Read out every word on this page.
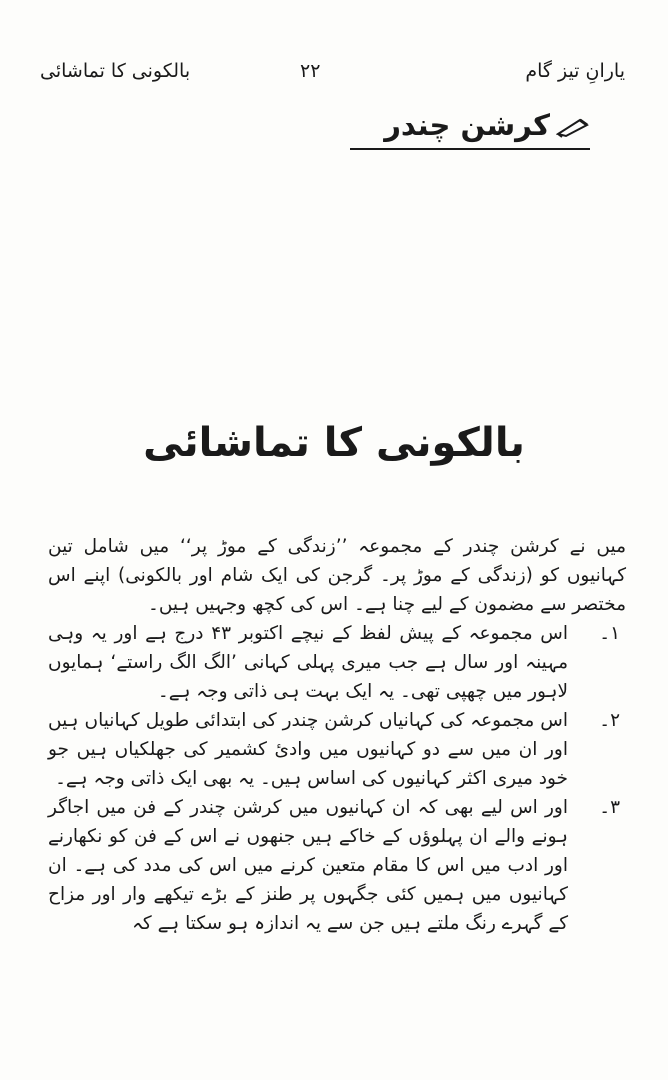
یارانِ تیز گام
۲۲
بالکونی کا تماشائی
کرشن چندر
بالکونی کا تماشائی

میں نے کرشن چندر کے مجموعہ ’’زندگی کے موڑ پر‘‘ میں شامل تین کہانیوں کو (زندگی کے موڑ پر۔ گرجن کی ایک شام اور بالکونی) اپنے اس مختصر سے مضمون کے لیے چنا ہے۔ اس کی کچھ وجہیں ہیں۔

۱۔
اس مجموعہ کے پیش لفظ کے نیچے اکتوبر ۴۳ درج ہے اور یہ وہی مہینہ اور سال ہے جب میری پہلی کہانی ’الگ الگ راستے‘ ہمایوں لاہور میں چھپی تھی۔ یہ ایک بہت ہی ذاتی وجہ ہے۔
۲۔
اس مجموعہ کی کہانیاں کرشن چندر کی ابتدائی طویل کہانیاں ہیں اور ان میں سے دو کہانیوں میں وادئ کشمیر کی جھلکیاں ہیں جو خود میری اکثر کہانیوں کی اساس ہیں۔ یہ بھی ایک ذاتی وجہ ہے۔
۳۔
اور اس لیے بھی کہ ان کہانیوں میں کرشن چندر کے فن میں اجاگر ہونے والے ان پہلوؤں کے خاکے ہیں جنھوں نے اس کے فن کو نکھارنے اور ادب میں اس کا مقام متعین کرنے میں اس کی مدد کی ہے۔ ان کہانیوں میں ہمیں کئی جگہوں پر طنز کے بڑے تیکھے وار اور مزاح کے گہرے رنگ ملتے ہیں جن سے یہ اندازہ ہو سکتا ہے کہ
